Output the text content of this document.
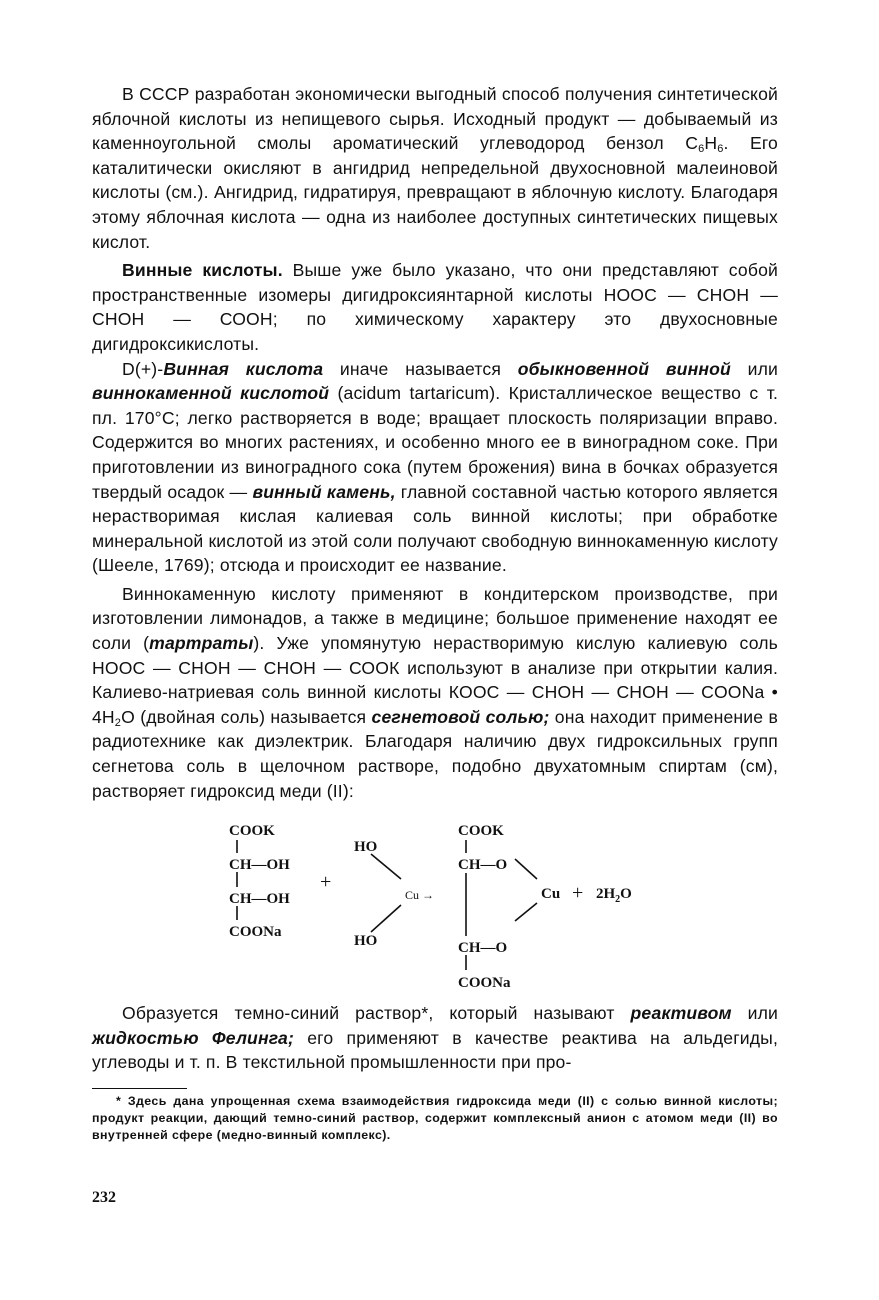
В СССР разработан экономически выгодный способ получения синтетической яблочной кислоты из непищевого сырья. Исходный продукт — добываемый из каменноугольной смолы ароматический углеводород бензол $С_6Н_6$. Его каталитически окисляют в ангидрид непредельной двухосновной малеиновой кислоты (см.). Ангидрид, гидратируя, превращают в яблочную кислоту. Благодаря этому яблочная кислота — одна из наиболее доступных синтетических пищевых кислот.

Винные кислоты. Выше уже было указано, что они представляют собой пространственные изомеры дигидроксиянтарной кислоты НООС — СНОН — СНОН — СООН; по химическому характеру это двухосновные дигидроксикислоты.

D(+)-Винная кислота иначе называется обыкновенной винной или виннокаменной кислотой (acidum tartaricum). Кристаллическое вещество с т. пл. 170°С; легко растворяется в воде; вращает плоскость поляризации вправо. Содержится во многих растениях, и особенно много ее в виноградном соке. При приготовлении из виноградного сока (путем брожения) вина в бочках образуется твердый осадок — винный камень, главной составной частью которого является нерастворимая кислая калиевая соль винной кислоты; при обработке минеральной кислотой из этой соли получают свободную виннокаменную кислоту (Шееле, 1769); отсюда и происходит ее название.

Виннокаменную кислоту применяют в кондитерском производстве, при изготовлении лимонадов, а также в медицине; большое применение находят ее соли (тартраты). Уже упомянутую нерастворимую кислую калиевую соль НООС — СНОН — СНОН — СООК используют в анализе при открытии калия. Калиево-натриевая соль винной кислоты КООС — СНОН — СНОН — COONa • $4Н_2О$ (двойная соль) называется сегнетовой солью; она находит применение в радиотехнике как диэлектрик. Благодаря наличию двух гидроксильных групп сегнетова соль в щелочном растворе, подобно двухатомным спиртам (см), растворяет гидроксид меди (II):

COOK
CH—OH
CH—OH
COONa
+
HO
HO
Cu →
COOK
CH—O
CH—O
COONa
$Cu + 2H_2O$

Образуется темно-синий раствор*, который называют реактивом или жидкостью Фелинга; его применяют в качестве реактива на альдегиды, углеводы и т. п. В текстильной промышленности при про-

* Здесь дана упрощенная схема взаимодействия гидроксида меди (II) с солью винной кислоты; продукт реакции, дающий темно-синий раствор, содержит комплексный анион с атомом меди (II) во внутренней сфере (медно-винный комплекс).

232
